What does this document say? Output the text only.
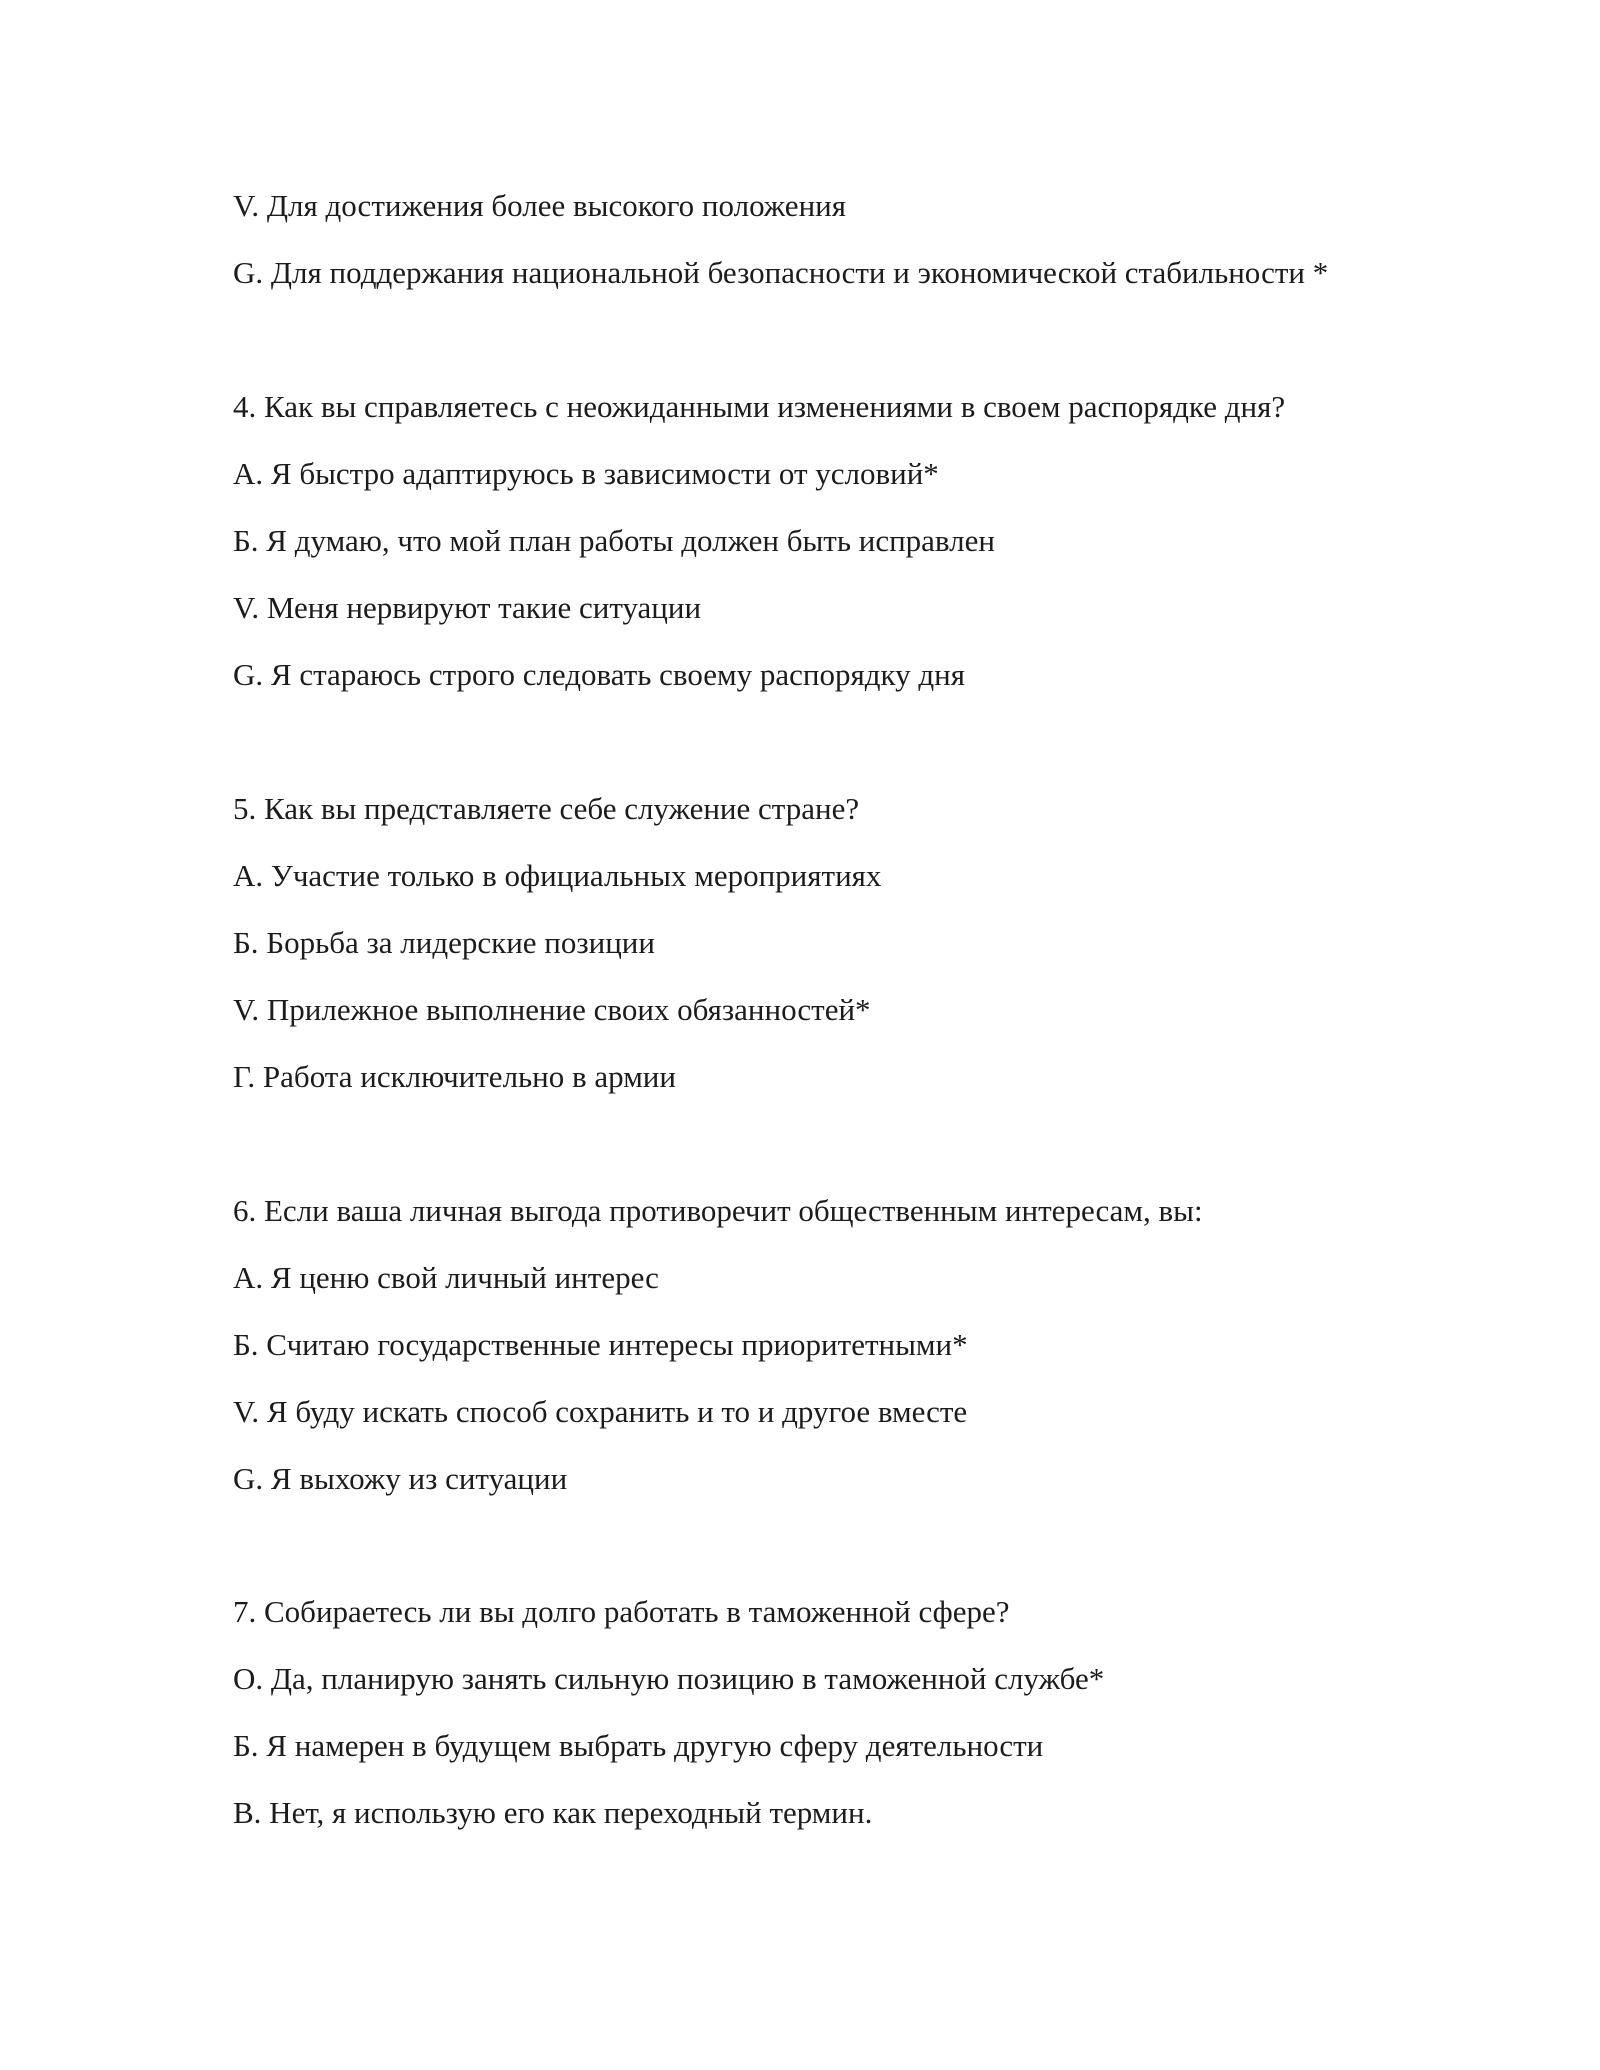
V. Для достижения более высокого положения
G. Для поддержания национальной безопасности и экономической стабильности *
4. Как вы справляетесь с неожиданными изменениями в своем распорядке дня?
A. Я быстро адаптируюсь в зависимости от условий*
Б. Я думаю, что мой план работы должен быть исправлен
V. Меня нервируют такие ситуации
G. Я стараюсь строго следовать своему распорядку дня
5. Как вы представляете себе служение стране?
A. Участие только в официальных мероприятиях
Б. Борьба за лидерские позиции
V. Прилежное выполнение своих обязанностей*
Г. Работа исключительно в армии
6. Если ваша личная выгода противоречит общественным интересам, вы:
A. Я ценю свой личный интерес
Б. Считаю государственные интересы приоритетными*
V. Я буду искать способ сохранить и то и другое вместе
G. Я выхожу из ситуации
7. Собираетесь ли вы долго работать в таможенной сфере?
О. Да, планирую занять сильную позицию в таможенной службе*
Б. Я намерен в будущем выбрать другую сферу деятельности
В. Нет, я использую его как переходный термин.
